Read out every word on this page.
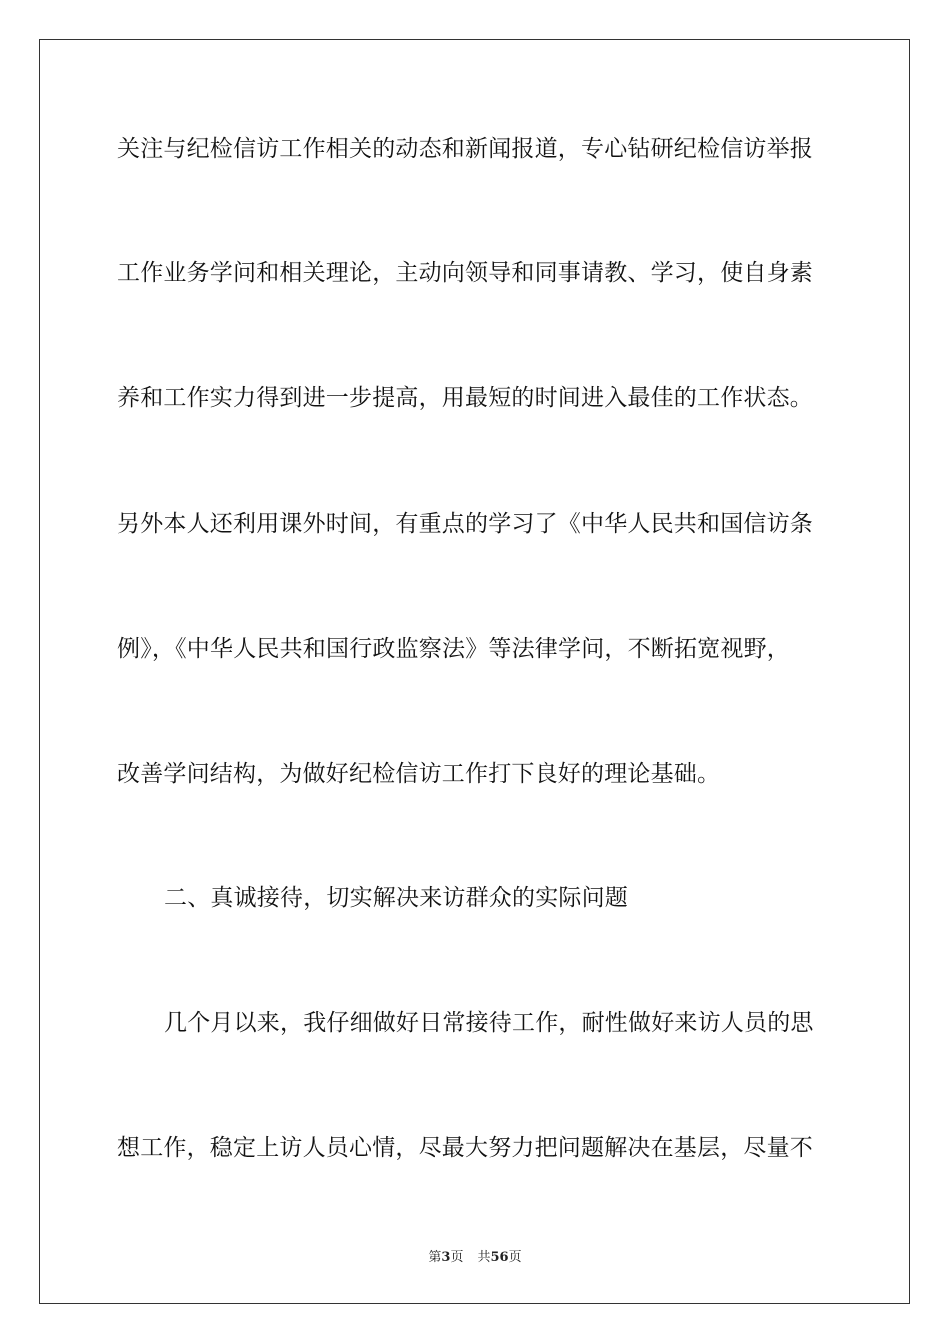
关注与纪检信访工作相关的动态和新闻报道，专心钻研纪检信访举报
工作业务学问和相关理论，主动向领导和同事请教、学习，使自身素
养和工作实力得到进一步提高，用最短的时间进入最佳的工作状态。
另外本人还利用课外时间，有重点的学习了《中华人民共和国信访条
例》，《中华人民共和国行政监察法》等法律学问，不断拓宽视野，
改善学问结构，为做好纪检信访工作打下良好的理论基础。
二、真诚接待，切实解决来访群众的实际问题
几个月以来，我仔细做好日常接待工作，耐性做好来访人员的思
想工作，稳定上访人员心情，尽最大努力把问题解决在基层，尽量不
第3页 共56页
